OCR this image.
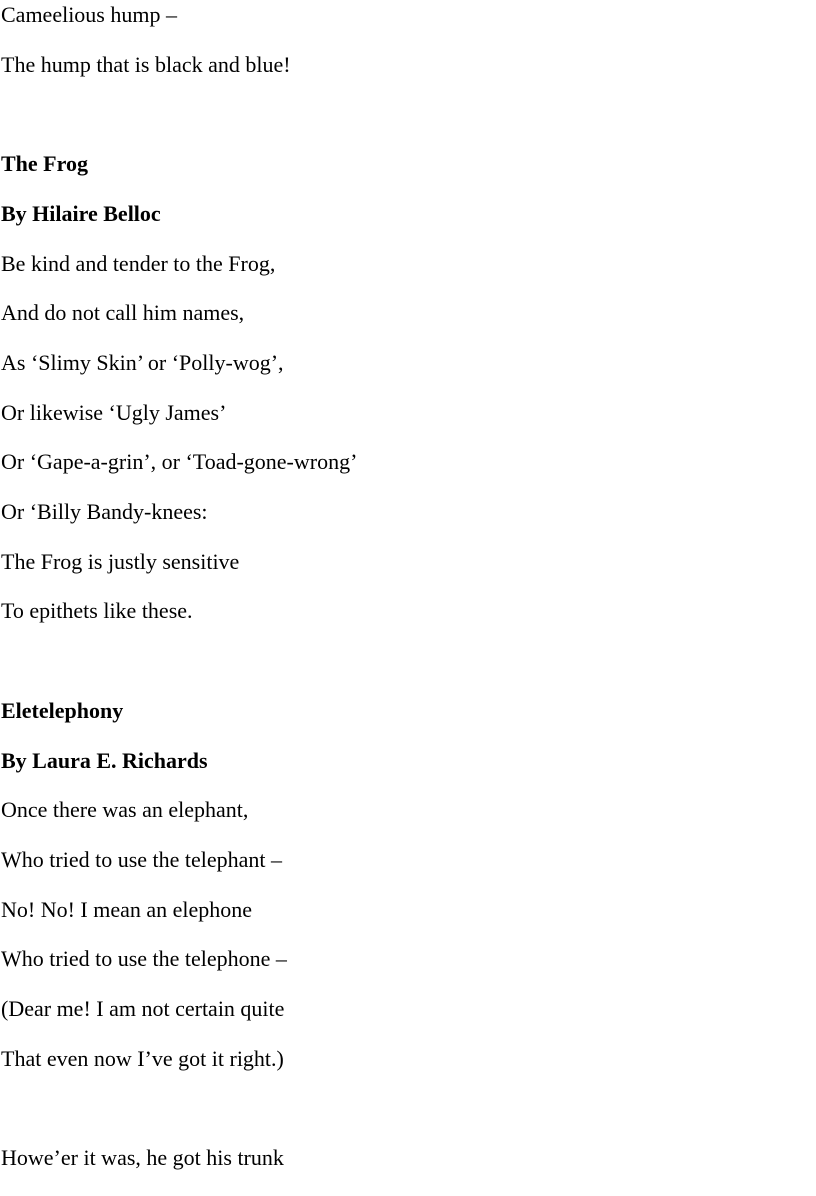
Cameelious hump –

The hump that is black and blue!

The Frog

By Hilaire Belloc

Be kind and tender to the Frog,

And do not call him names,

As ‘Slimy Skin’ or ‘Polly-wog’,

Or likewise ‘Ugly James’

Or ‘Gape-a-grin’, or ‘Toad-gone-wrong’

Or ‘Billy Bandy-knees:

The Frog is justly sensitive

To epithets like these.

Eletelephony

By Laura E. Richards

Once there was an elephant,

Who tried to use the telephant –

No! No! I mean an elephone

Who tried to use the telephone –

(Dear me! I am not certain quite

That even now I’ve got it right.)

Howe’er it was, he got his trunk
